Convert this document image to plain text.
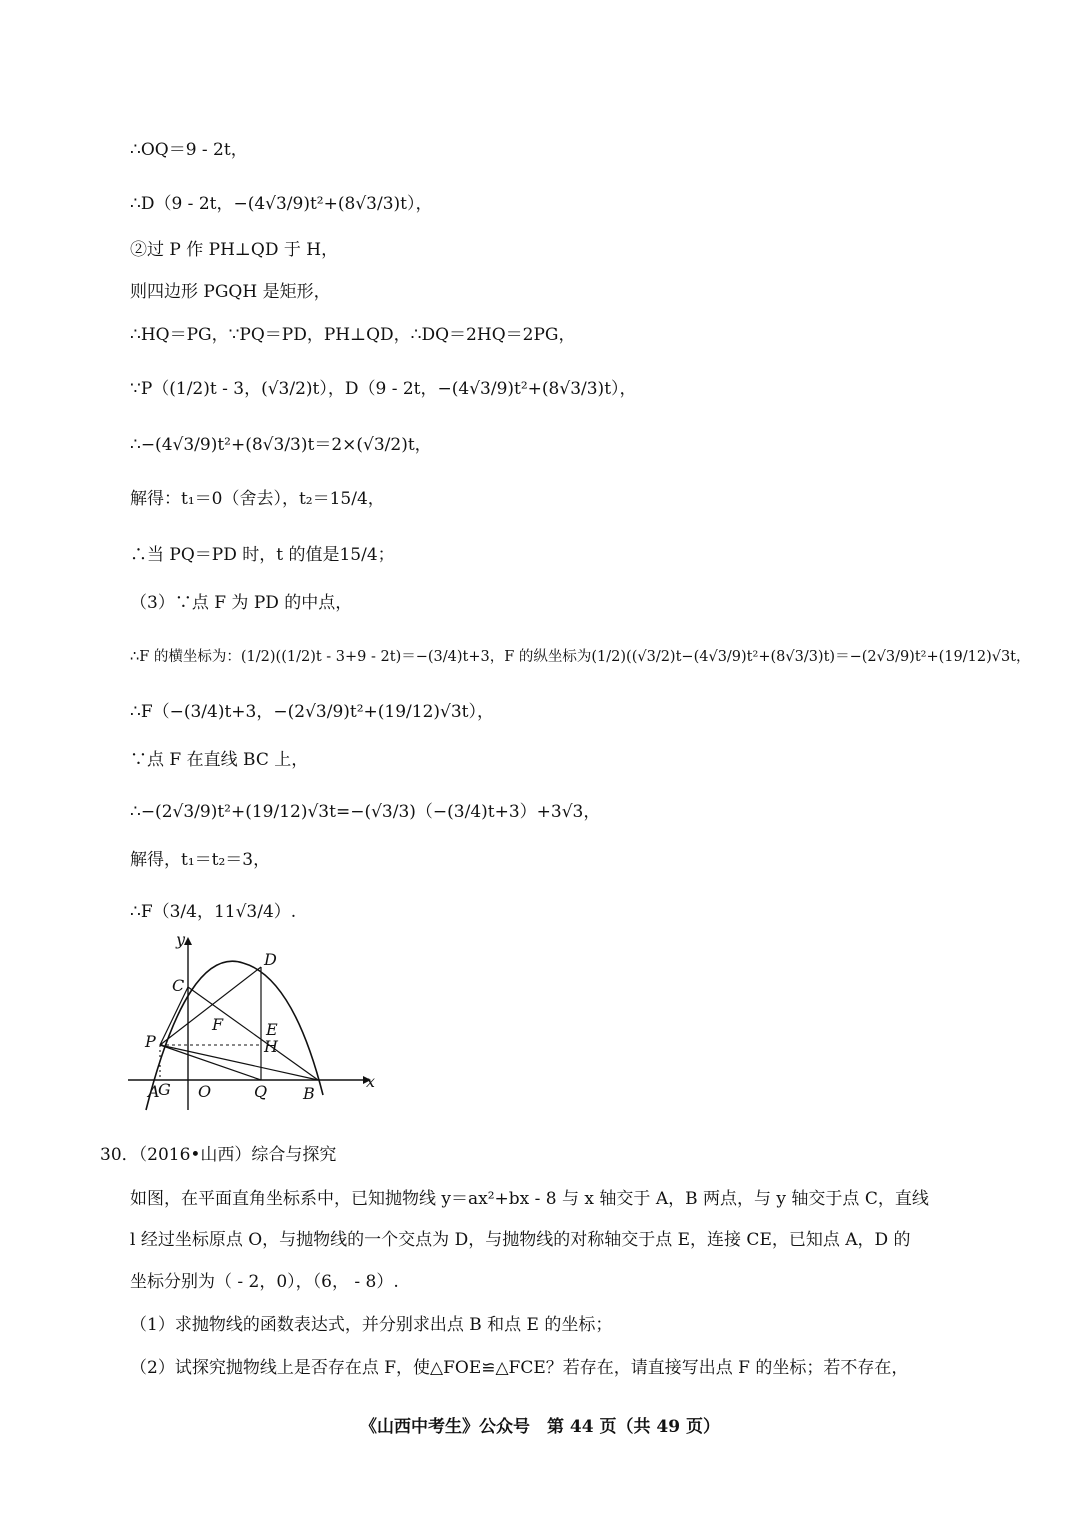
∴OQ＝9 - 2t，
∴D（9 - 2t，−(4√3/9)t²+(8√3/3)t），
②过 P 作 PH⊥QD 于 H，
则四边形 PGQH 是矩形，
∴HQ＝PG，∵PQ＝PD，PH⊥QD，∴DQ＝2HQ＝2PG，
∵P（(1/2)t - 3，(√3/2)t），D（9 - 2t，−(4√3/9)t²+(8√3/3)t），
∴−(4√3/9)t²+(8√3/3)t＝2×(√3/2)t，
解得：t₁＝0（舍去），t₂＝15/4，
∴当 PQ＝PD 时，t 的值是15/4；
（3）∵点 F 为 PD 的中点，
∴F 的横坐标为：(1/2)((1/2)t - 3+9 - 2t)＝−(3/4)t+3，F 的纵坐标为(1/2)((√3/2)t−(4√3/9)t²+(8√3/3)t)＝−(2√3/9)t²+(19/12)√3t，
∴F（−(3/4)t+3，−(2√3/9)t²+(19/12)√3t），
∵点 F 在直线 BC 上，
∴−(2√3/9)t²+(19/12)√3t=−(√3/3)（−(3/4)t+3）+3√3，
解得，t₁＝t₂＝3，
∴F（3/4，11√3/4）.
y
x
C
D
F	E
H
P
A
G O	Q B
30．（2016•山西）综合与探究
如图，在平面直角坐标系中，已知抛物线 y＝ax²+bx - 8 与 x 轴交于 A，B 两点，与 y 轴交于点 C，直线
l 经过坐标原点 O，与抛物线的一个交点为 D，与抛物线的对称轴交于点 E，连接 CE，已知点 A，D 的
坐标分别为（ - 2，0），（6， - 8）.
（1）求抛物线的函数表达式，并分别求出点 B 和点 E 的坐标；
（2）试探究抛物线上是否存在点 F，使△FOE≌△FCE？若存在，请直接写出点 F 的坐标；若不存在，
《山西中考生》公众号　第 44 页（共 49 页）
